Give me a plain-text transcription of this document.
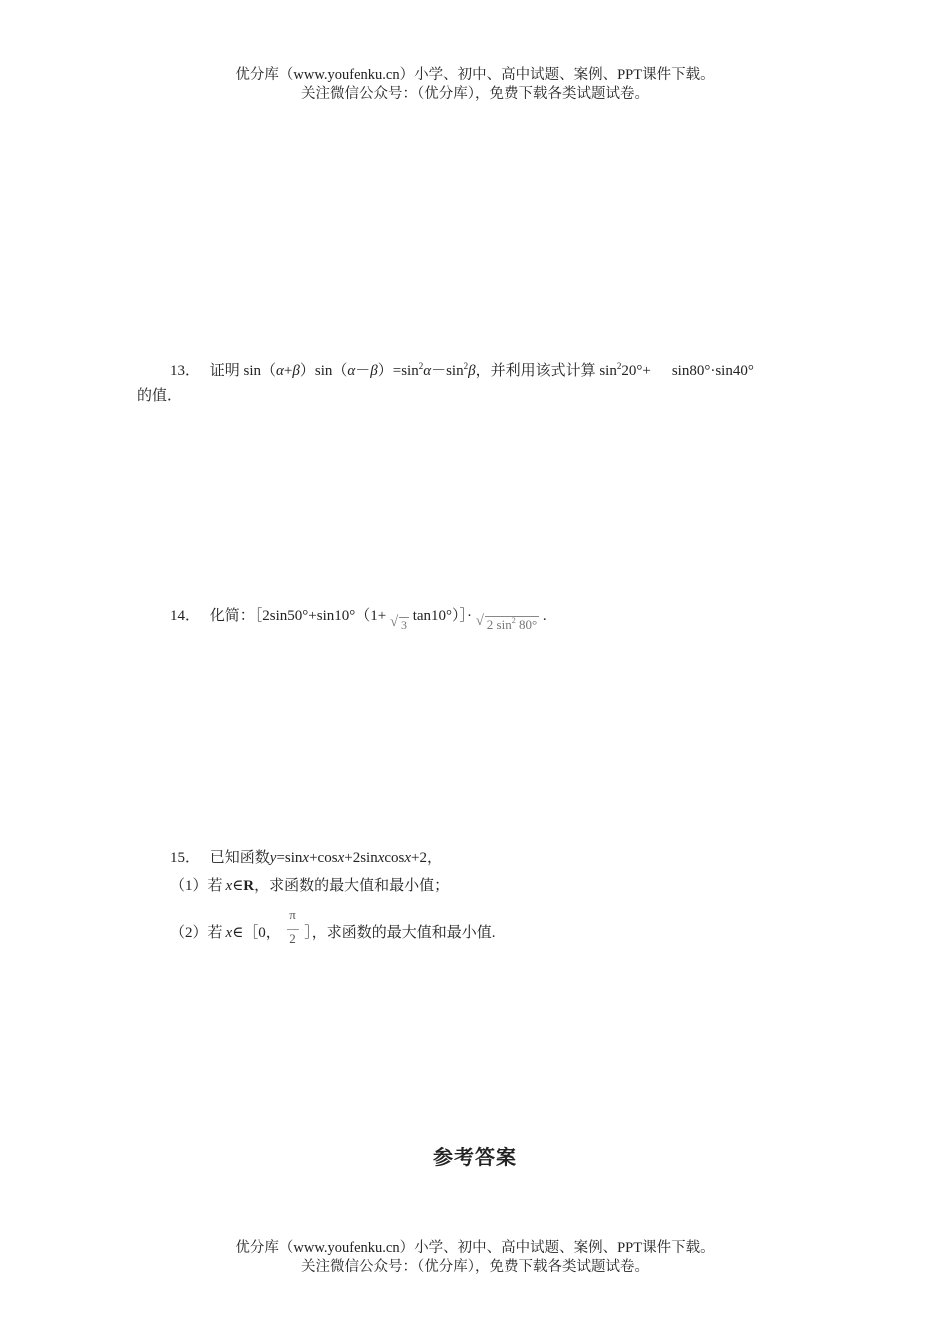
优分库（www.youfenku.cn）小学、初中、高中试题、案例、PPT课件下载。
关注微信公众号：（优分库），免费下载各类试题试卷。
13． 证明 $\sin(\alpha+\beta)\sin(\alpha-\beta)=\sin^2\alpha-\sin^2\beta$，并利用该式计算 $\sin^220^\circ+ \sin 80^\circ\cdot\sin 40^\circ$
的值．
14． 化简：［2sin50°+sin10°（1+ √ 3 tan10°）］· √ 2 $\sin^2 80^\circ$ .
15． 已知函数y=sinx+cosx+2sinxcosx+2，
（1）若 x∈R，求函数的最大值和最小值；
（2）若 x∈［0， $\frac{\pi}{2}$ ］，求函数的最大值和最小值.
参考答案
优分库（www.youfenku.cn）小学、初中、高中试题、案例、PPT课件下载。
关注微信公众号：（优分库），免费下载各类试题试卷。
